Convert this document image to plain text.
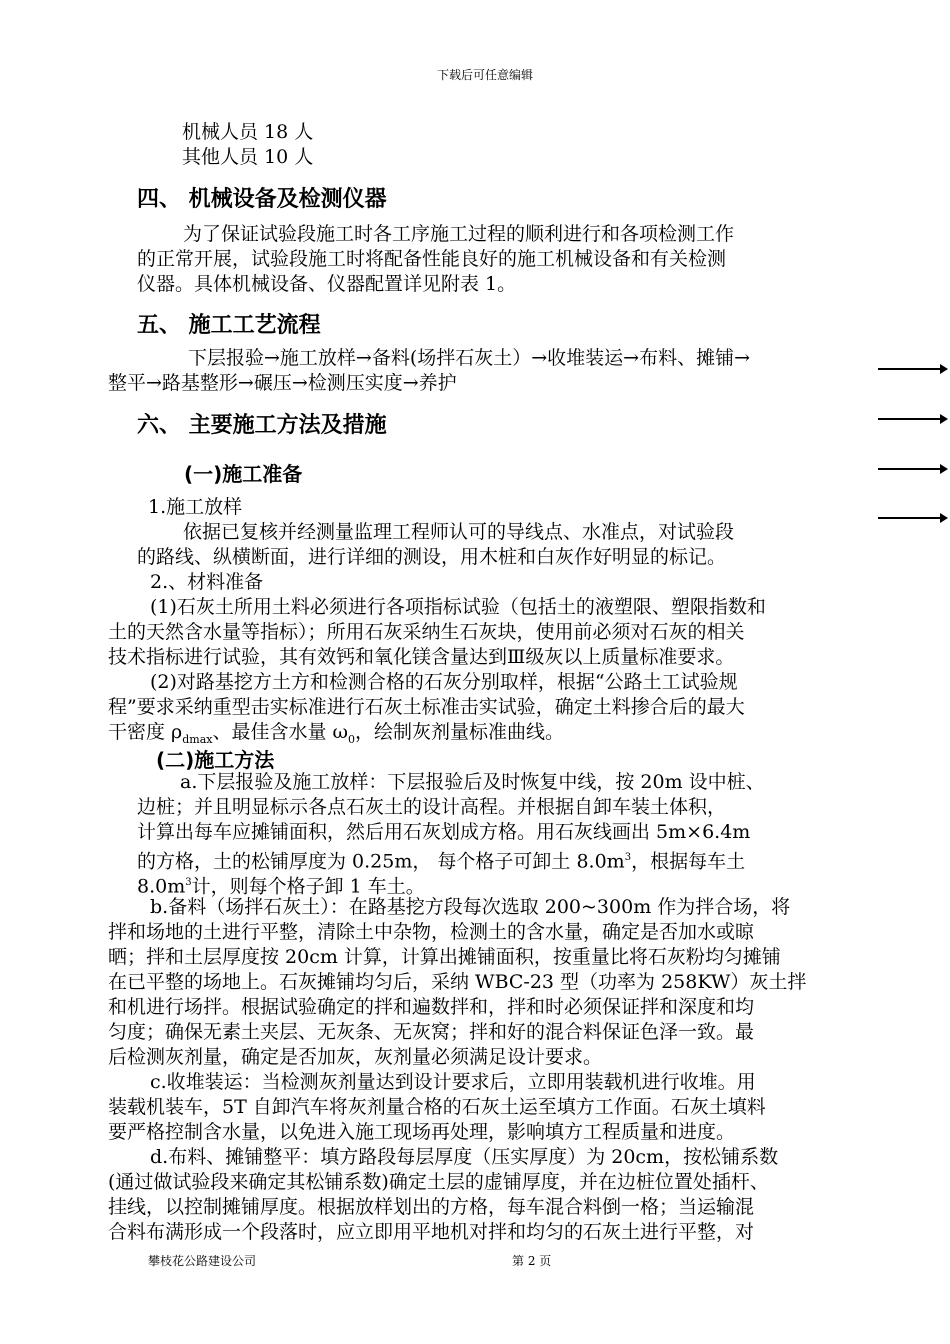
下载后可任意编辑
机械人员 18 人
其他人员 10 人
四、 机械设备及检测仪器
为了保证试验段施工时各工序施工过程的顺利进行和各项检测工作
的正常开展，试验段施工时将配备性能良好的施工机械设备和有关检测
仪器。具体机械设备、仪器配置详见附表 1。
五、 施工工艺流程
下层报验→施工放样→备料(场拌石灰土）→收堆装运→布料、摊铺→
整平→路基整形→碾压→检测压实度→养护
六、 主要施工方法及措施
(一)施工准备
1.施工放样
依据已复核并经测量监理工程师认可的导线点、水准点，对试验段
的路线、纵横断面，进行详细的测设，用木桩和白灰作好明显的标记。
2.、材料准备
(1)石灰土所用土料必须进行各项指标试验（包括土的液塑限、塑限指数和
土的天然含水量等指标）；所用石灰采纳生石灰块，使用前必须对石灰的相关
技术指标进行试验，其有效钙和氧化镁含量达到Ⅲ级灰以上质量标准要求。
(2)对路基挖方土方和检测合格的石灰分别取样，根据“公路土工试验规
程”要求采纳重型击实标准进行石灰土标准击实试验，确定土料掺合后的最大
干密度 $\rho_{dmax}$、最佳含水量 $\omega_0$，绘制灰剂量标准曲线。
(二)施工方法
a.下层报验及施工放样：下层报验后及时恢复中线，按 20m 设中桩、
边桩；并且明显标示各点石灰土的设计高程。并根据自卸车装土体积，
计算出每车应摊铺面积，然后用石灰划成方格。用石灰线画出 5m×6.4m
的方格，土的松铺厚度为 0.25m， 每个格子可卸土 $8.0m^3$，根据每车土
$8.0m^3$计，则每个格子卸 1 车土。
b.备料（场拌石灰土）：在路基挖方段每次选取 200~300m 作为拌合场，将
拌和场地的土进行平整，清除土中杂物，检测土的含水量，确定是否加水或晾
晒；拌和土层厚度按 20cm 计算，计算出摊铺面积，按重量比将石灰粉均匀摊铺
在已平整的场地上。石灰摊铺均匀后，采纳 WBC-23 型（功率为 258KW）灰土拌
和机进行场拌。根据试验确定的拌和遍数拌和，拌和时必须保证拌和深度和均
匀度；确保无素土夹层、无灰条、无灰窝；拌和好的混合料保证色泽一致。最
后检测灰剂量，确定是否加灰，灰剂量必须满足设计要求。
c.收堆装运：当检测灰剂量达到设计要求后，立即用装载机进行收堆。用
装载机装车，5T 自卸汽车将灰剂量合格的石灰土运至填方工作面。石灰土填料
要严格控制含水量，以免进入施工现场再处理，影响填方工程质量和进度。
d.布料、摊铺整平：填方路段每层厚度（压实厚度）为 20cm，按松铺系数
(通过做试验段来确定其松铺系数)确定土层的虚铺厚度，并在边桩位置处插杆、
挂线，以控制摊铺厚度。根据放样划出的方格，每车混合料倒一格；当运输混
合料布满形成一个段落时，应立即用平地机对拌和均匀的石灰土进行平整，对
攀枝花公路建设公司	第 2 页
